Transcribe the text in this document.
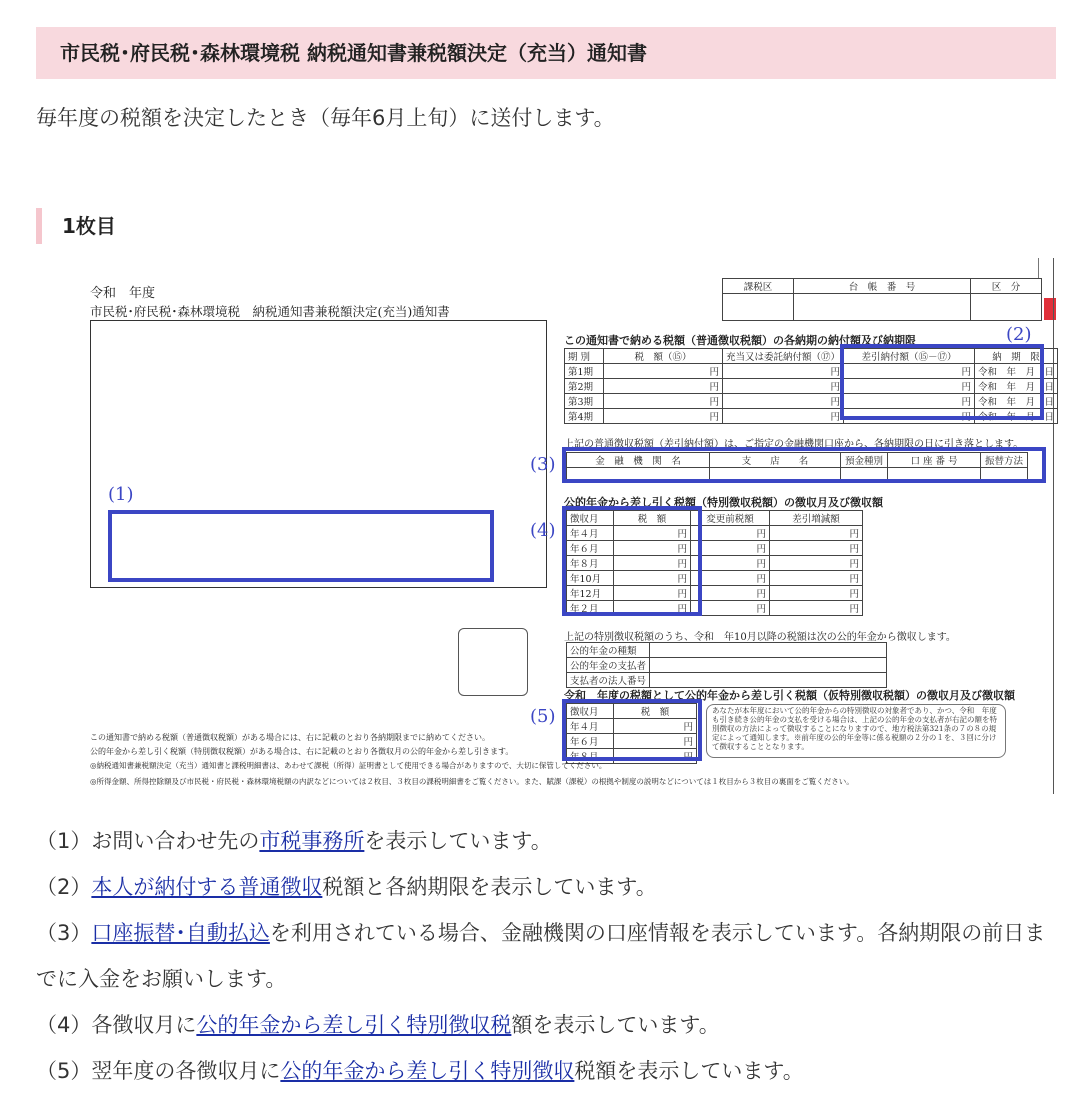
市民税･府民税･森林環境税 納税通知書兼税額決定（充当）通知書
毎年度の税額を決定したとき（毎年6月上旬）に送付します。
1枚目
令和　年度
市民税･府民税･森林環境税　納税通知書兼税額決定(充当)通知書
課税区	台　帳　番　号	区　分

(1)
この通知書で納める税額（普通徴収税額）の各納期の納付額及び納期限	(2)
期 別	税　額（⑮）	充当又は委託納付額（⑰）	差引納付額（⑮－⑰）	納　期　限
第1期	円	円	円	令和　年　月　日
第2期	円	円	円	令和　年　月　日
第3期	円	円	円	令和　年　月　日
第4期	円	円	円	令和　年　月　日
上記の普通徴収税額（差引納付額）は、ご指定の金融機関口座から、各納期限の日に引き落とします。
(3)	金　融　機　関　名	支　　店　　名	預金種別	口 座 番 号	振替方法

公的年金から差し引く税額（特別徴収税額）の徴収月及び徴収額
(4)
徴収月	税　額	変更前税額	差引増減額
年４月	円	円	円
年６月	円	円	円
年８月	円	円	円
年10月	円	円	円
年12月	円	円	円
年２月	円	円	円
上記の特別徴収税額のうち、令和　年10月以降の税額は次の公的年金から徴収します。
公的年金の種類	
公的年金の支払者	
支払者の法人番号	
令和　年度の税額として公的年金から差し引く税額（仮特別徴収税額）の徴収月及び徴収額
(5) 徴収月	税　額
年４月	円
年６月	円
年８月	円
あなたが本年度において公的年金からの特別徴収の対象者であり、かつ、令和　年度も引き続き公的年金の支払を受ける場合は、上記の公的年金の支払者が右記の額を特別徴収の方法によって徴収することになりますので、地方税法第321条の７の８の規定によって通知します。※前年度の公的年金等に係る税額の２分の１を、３回に分けて徴収することとなります。
この通知書で納める税額（普通徴収税額）がある場合には、右に記載のとおり各納期限までに納めてください。
公的年金から差し引く税額（特別徴収税額）がある場合は、右に記載のとおり各徴収月の公的年金から差し引きます。
◎納税通知書兼税額決定（充当）通知書と課税明細書は、あわせて課税（所得）証明書として使用できる場合がありますので、大切に保管してください。
◎所得金額、所得控除額及び市民税・府民税・森林環境税額の内訳などについては２枚目、３枚目の課税明細書をご覧ください。また、賦課（課税）の根拠や制度の説明などについては１枚目から３枚目の裏面をご覧ください。

（1）お問い合わせ先の市税事務所を表示しています。

（2）本人が納付する普通徴収税額と各納期限を表示しています。

（3）口座振替･自動払込を利用されている場合、金融機関の口座情報を表示しています。各納期限の前日までに入金をお願いします。

（4）各徴収月に公的年金から差し引く特別徴収税額を表示しています。

（5）翌年度の各徴収月に公的年金から差し引く特別徴収税額を表示しています。
